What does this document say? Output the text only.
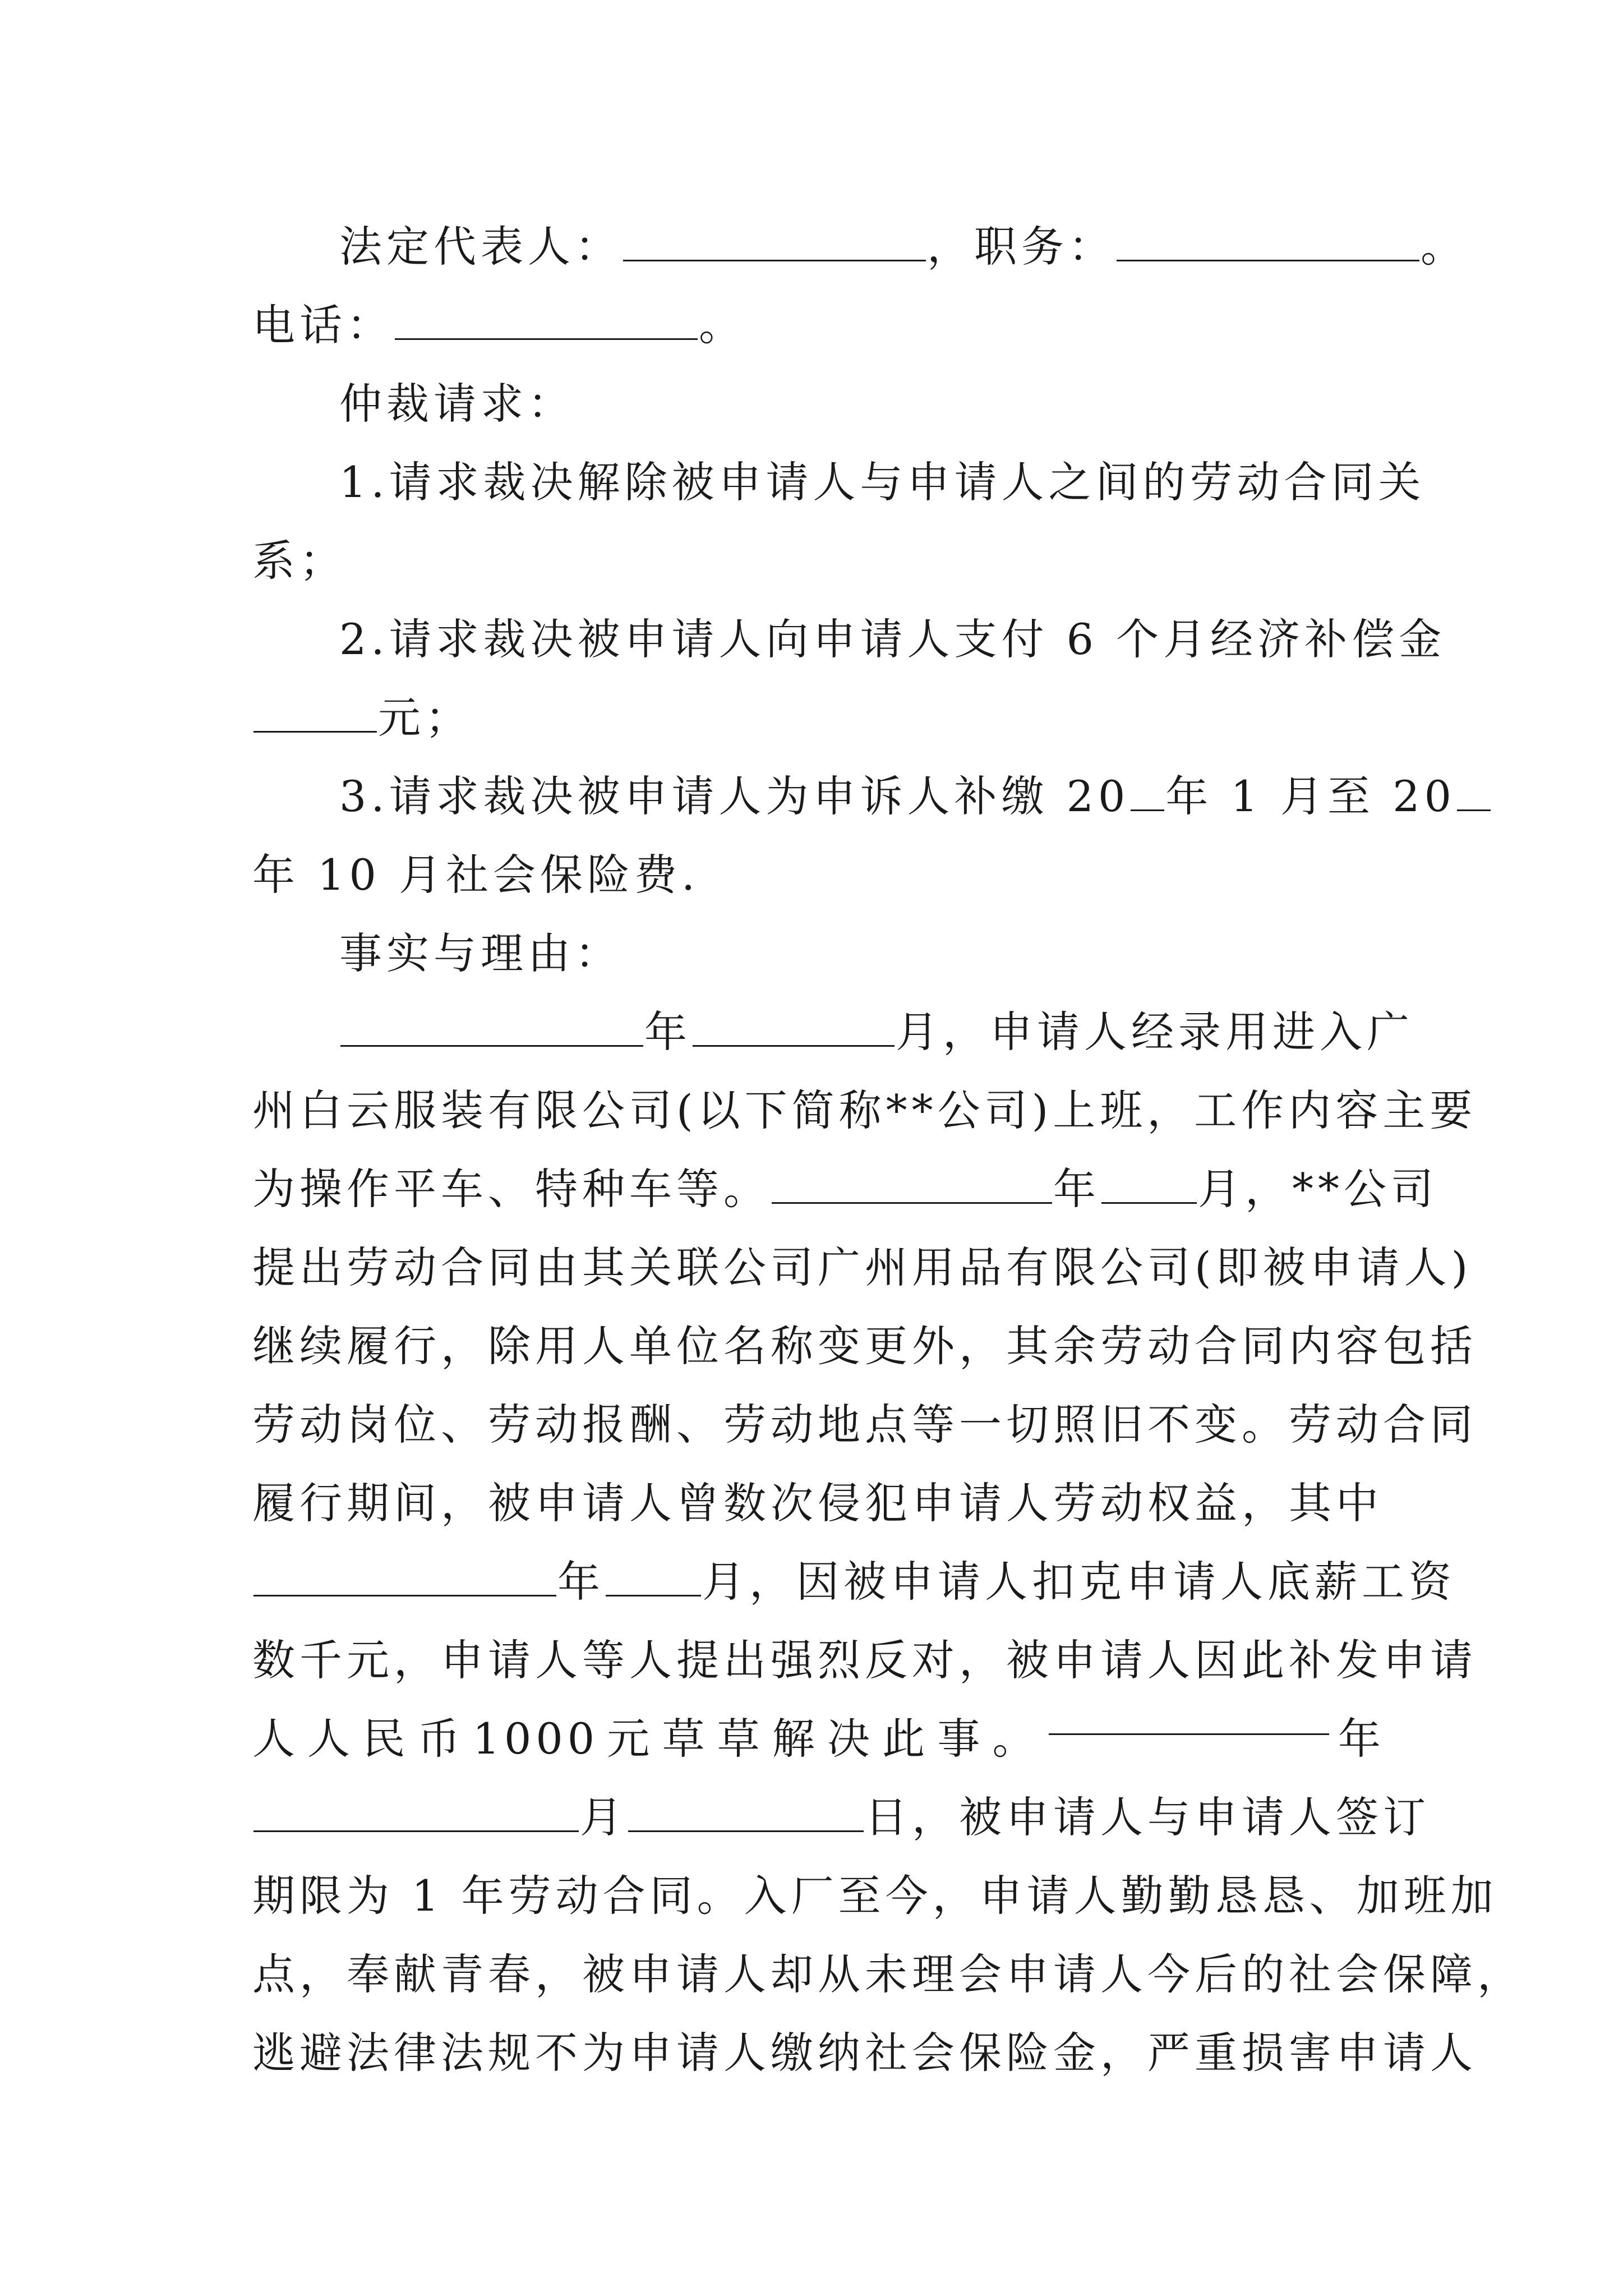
法定代表人：	，职务：	。
电话：	。
仲裁请求：
1.请求裁决解除被申请人与申请人之间的劳动合同关
系；
2.请求裁决被申请人向申请人支付 6 个月经济补偿金
元；
3.请求裁决被申请人为申诉人补缴 20 年 1 月至 20
年 10 月社会保险费.
事实与理由：
年	月，申请人经录用进入广
州白云服装有限公司(以下简称**公司)上班，工作内容主要
为操作平车、特种车等。	年 月，**公司
提出劳动合同由其关联公司广州用品有限公司(即被申请人)
继续履行，除用人单位名称变更外，其余劳动合同内容包括
劳动岗位、劳动报酬、劳动地点等一切照旧不变。劳动合同
履行期间，被申请人曾数次侵犯申请人劳动权益，其中
年 月，因被申请人扣克申请人底薪工资
数千元，申请人等人提出强烈反对，被申请人因此补发申请
人 人 民 币 1000 元 草 草 解 决 此 事 。	年
月	日，被申请人与申请人签订
期限为 1 年劳动合同。入厂至今，申请人勤勤恳恳、加班加
点，奉献青春，被申请人却从未理会申请人今后的社会保障，
逃避法律法规不为申请人缴纳社会保险金，严重损害申请人
